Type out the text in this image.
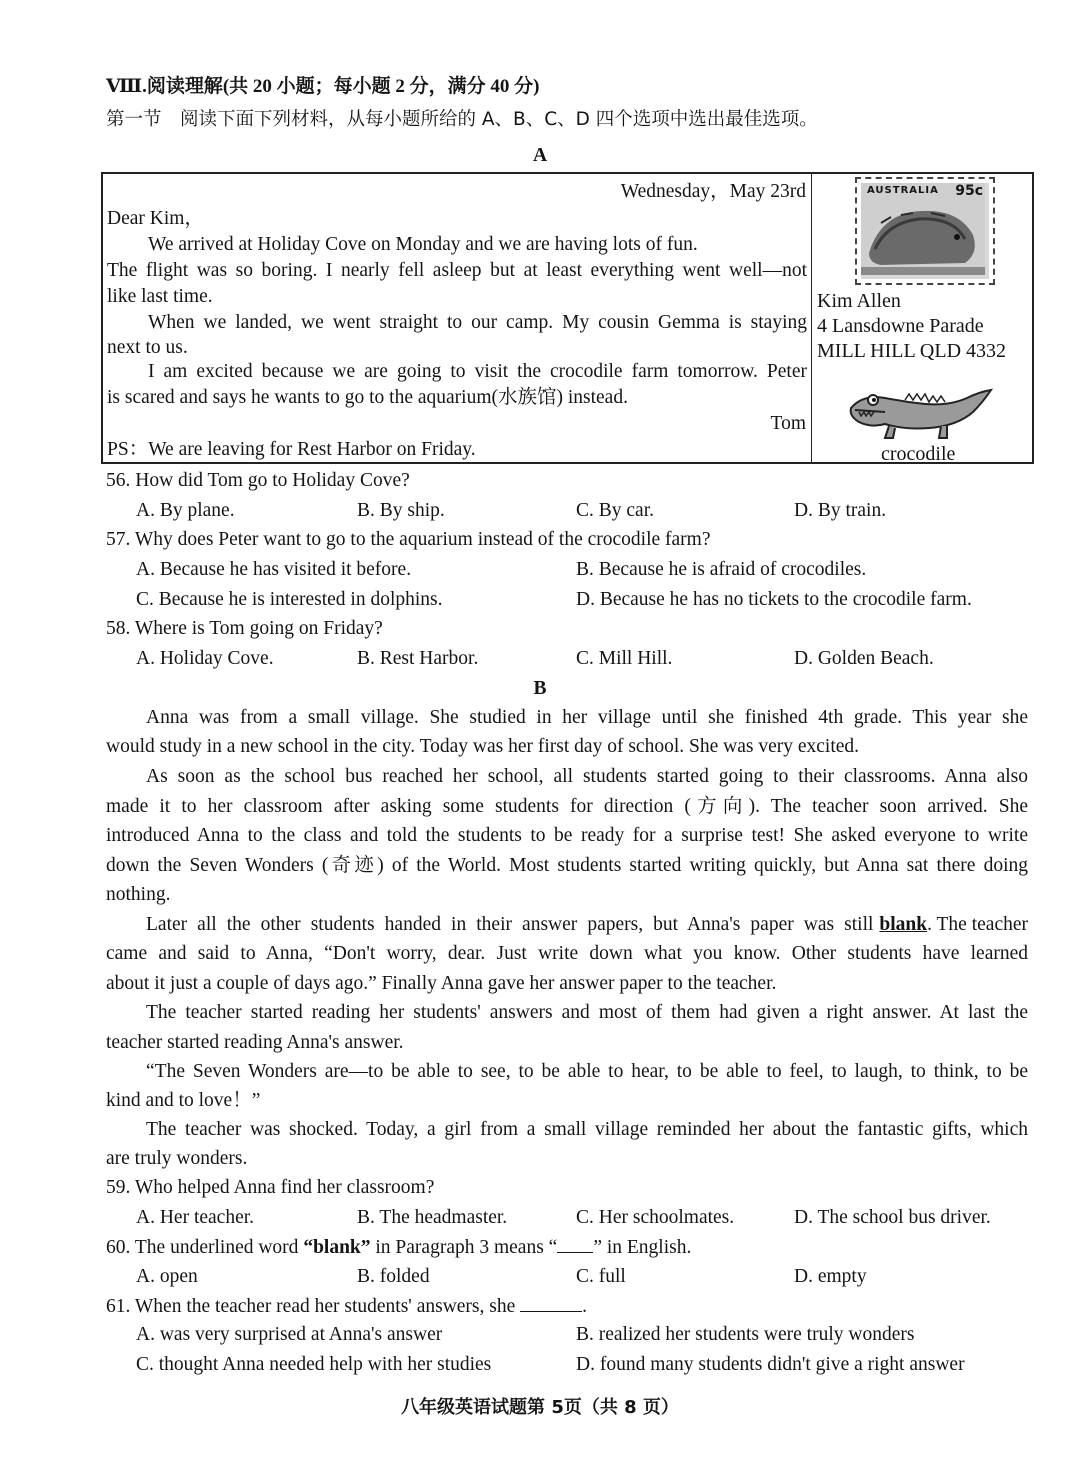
Ⅷ.阅读理解(共 20 小题；每小题 2 分，满分 40 分)
第一节　阅读下面下列材料，从每小题所给的 A、B、C、D 四个选项中选出最佳选项。
A
Wednesday，May 23rd
Dear Kim，
We arrived at Holiday Cove on Monday and we are having lots of fun.
The flight was so boring. I nearly fell asleep but at least everything went well—not
like last time.
When we landed, we went straight to our camp. My cousin Gemma is staying
next to us.
I am excited because we are going to visit the crocodile farm tomorrow. Peter
is scared and says he wants to go to the aquarium(水族馆) instead.
Tom
PS：We are leaving for Rest Harbor on Friday.
AUSTRALIA 95c
Kim Allen
4 Lansdowne Parade
MILL HILL QLD 4332
crocodile
56. How did Tom go to Holiday Cove?
A. By plane.	B. By ship.	C. By car.	D. By train.
57. Why does Peter want to go to the aquarium instead of the crocodile farm?
A. Because he has visited it before.	B. Because he is afraid of crocodiles.
C. Because he is interested in dolphins.	D. Because he has no tickets to the crocodile farm.
58. Where is Tom going on Friday?
A. Holiday Cove.	B. Rest Harbor.	C. Mill Hill.	D. Golden Beach.
B
Anna was from a small village. She studied in her village until she finished 4th grade. This year she
would study in a new school in the city. Today was her first day of school. She was very excited.
As soon as the school bus reached her school, all students started going to their classrooms. Anna also
made it to her classroom after asking some students for direction (方向). The teacher soon arrived. She
introduced Anna to the class and told the students to be ready for a surprise test! She asked everyone to write
down the Seven Wonders (奇迹) of the World. Most students started writing quickly, but Anna sat there doing
nothing.
Later all the other students handed in their answer papers, but Anna's paper was still blank . The teacher
came and said to Anna, “Don't worry, dear. Just write down what you know. Other students have learned
about it just a couple of days ago.” Finally Anna gave her answer paper to the teacher.
The teacher started reading her students' answers and most of them had given a right answer. At last the
teacher started reading Anna's answer.
“The Seven Wonders are—to be able to see, to be able to hear, to be able to feel, to laugh, to think, to be
kind and to love！”
The teacher was shocked. Today, a girl from a small village reminded her about the fantastic gifts, which
are truly wonders.
59. Who helped Anna find her classroom?
A. Her teacher.	B. The headmaster.	C. Her schoolmates.	D. The school bus driver.
60. The underlined word “blank” in Paragraph 3 means “ ” in English.
A. open	B. folded	C. full	D. empty
61. When the teacher read her students' answers, she	.
A. was very surprised at Anna's answer	B. realized her students were truly wonders
C. thought Anna needed help with her studies	D. found many students didn't give a right answer
八年级英语试题第 5页（共 8 页）
